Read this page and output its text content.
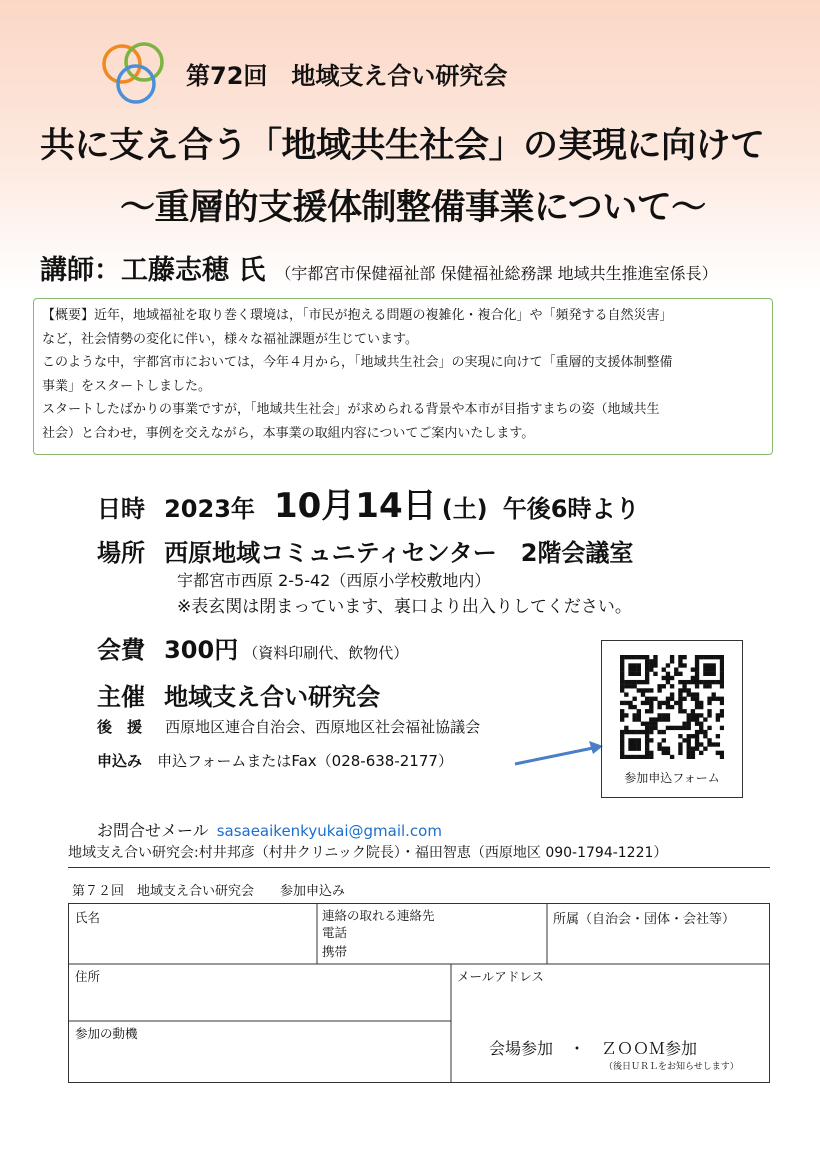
第72回　地域支え合い研究会
共に支え合う「地域共生社会」の実現に向けて
～重層的支援体制整備事業について～
講師：工藤志穂 氏 （宇都宮市保健福祉部 保健福祉総務課 地域共生推進室係長）

【概要】近年，地域福祉を取り巻く環境は，「市民が抱える問題の複雑化・複合化」や「頻発する自然災害」

など，社会情勢の変化に伴い，様々な福祉課題が生じています。

このような中，宇都宮市においては，今年４月から，「地域共生社会」の実現に向けて「重層的支援体制整備

事業」をスタートしました。

スタートしたばかりの事業ですが，「地域共生社会」が求められる背景や本市が目指すまちの姿（地域共生

社会）と合わせ，事例を交えながら，本事業の取組内容についてご案内いたします。

日時 2023年 10月14日 (土) 午後6時より
場所 西原地域コミュニティセンター　2階会議室
宇都宮市西原 2-5-42（西原小学校敷地内）
※表玄関は閉まっています、裏口より出入りしてください。
会費 300円 （資料印刷代、飲物代）
主催 地域支え合い研究会
後　援 西原地区連合自治会、西原地区社会福祉協議会
申込み 申込フォームまたはFax（028-638-2177）
参加申込フォーム
お問合せメール sasaeaikenkyukai@gmail.com
地域支え合い研究会:村井邦彦（村井クリニック院長）・福田智恵（西原地区 090-1794-1221）
第７２回　地域支え合い研究会　　参加申込み
氏名	連絡の取れる連絡先
電話
携帯
所属（自治会・団体・会社等）
住所	メールアドレス
参加の動機
会場参加　・　ＺＯＯＭ参加
（後日ＵＲＬをお知らせします）
